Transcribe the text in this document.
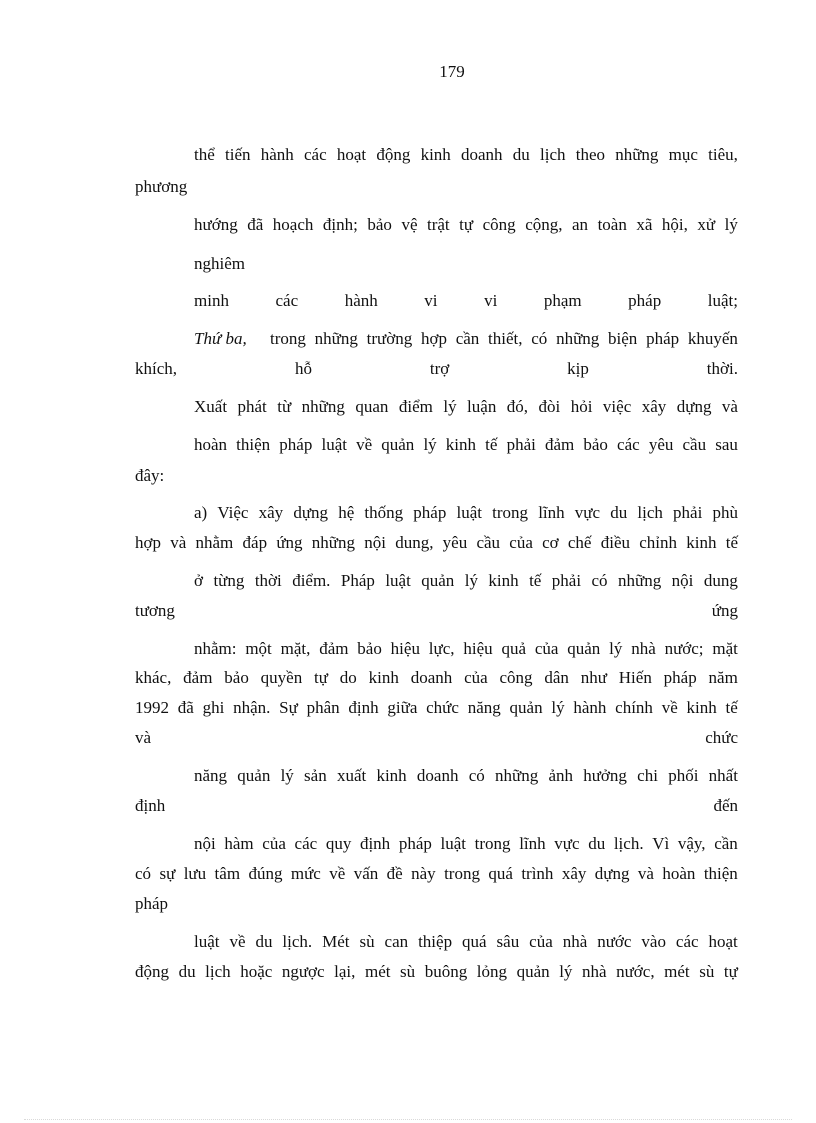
179
thể tiến hành các hoạt động kinh doanh du lịch theo những mục tiêu,
phương
hướng đã hoạch định; bảo vệ trật tự công cộng, an toàn xã hội, xử lý
nghiêm
minh	các	hành	vi	vi	phạm	pháp	luật;
Thứ ba, trong những trường hợp cần thiết, có những biện pháp khuyến
khích,	hỗ	trợ	kịp	thời.
Xuất phát từ những quan điểm lý luận đó, đòi hỏi việc xây dựng và
hoàn thiện pháp luật về quản lý kinh tế phải đảm bảo các yêu cầu sau
đây:
a) Việc xây dựng hệ thống pháp luật trong lĩnh vực du lịch phải phù
hợp và nhằm đáp ứng những nội dung, yêu cầu của cơ chế điều chỉnh kinh tế
ở từng thời điểm. Pháp luật quản lý kinh tế phải có những nội dung
tương	ứng
nhằm: một mặt, đảm bảo hiệu lực, hiệu quả của quản lý nhà nước; mặt
khác, đảm bảo quyền tự do kinh doanh của công dân như Hiến pháp năm
1992 đã ghi nhận. Sự phân định giữa chức năng quản lý hành chính về kinh tế
và	chức
năng quản lý sản xuất kinh doanh có những ảnh hưởng chi phối nhất
định	đến
nội hàm của các quy định pháp luật trong lĩnh vực du lịch. Vì vậy, cần
có sự lưu tâm đúng mức về vấn đề này trong quá trình xây dựng và hoàn thiện
pháp
luật về du lịch. Mét sù can thiệp quá sâu của nhà nước vào các hoạt
động du lịch hoặc ngược lại, mét sù buông lỏng quản lý nhà nước, mét sù tự
